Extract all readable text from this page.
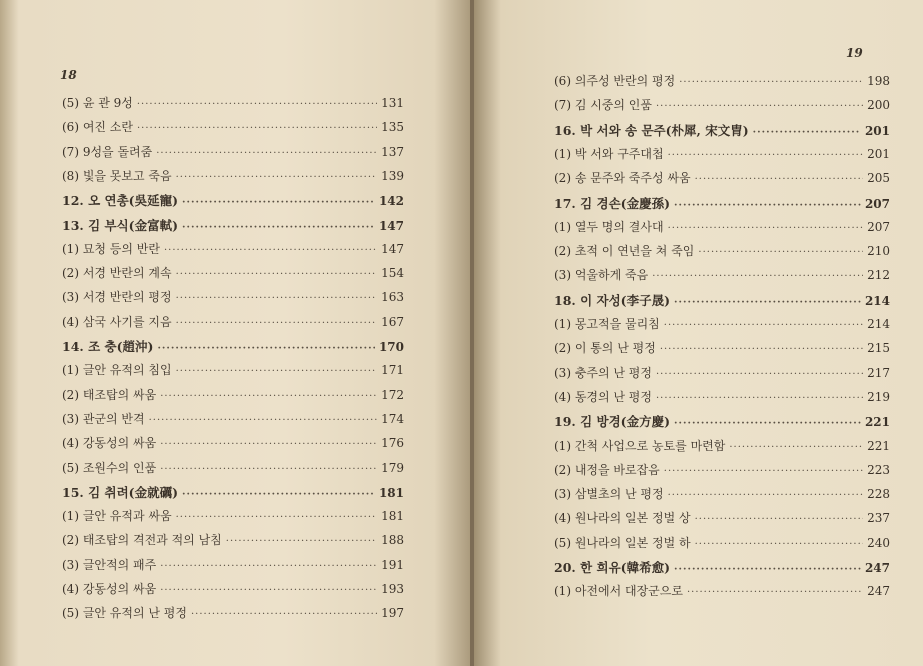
18
(5) 윤 관 9성 ·····	131
(6) 여진 소란 ·····	135
(7) 9성을 돌려줌 ·····	137
(8) 빛을 못보고 죽음 ·····	139
12. 오 연총(吳延寵) ·····	142
13. 김 부식(金富軾) ·····	147
(1) 묘청 등의 반란 ·····	147
(2) 서경 반란의 계속 ·····	154
(3) 서경 반란의 평정 ·····	163
(4) 삼국 사기를 지음 ·····	167
14. 조 충(趙沖) ·····	170
(1) 글안 유적의 침입 ·····	171
(2) 태조탑의 싸움 ·····	172
(3) 관군의 반격 ·····	174
(4) 강동성의 싸움 ·····	176
(5) 조원수의 인품 ·····	179
15. 김 취려(金就礪) ·····	181
(1) 글안 유적과 싸움 ·····	181
(2) 태조탑의 격전과 적의 남침 ·····	188
(3) 글안적의 패주 ·····	191
(4) 강동성의 싸움 ·····	193
(5) 글안 유적의 난 평정 ·····	197
19
(6) 의주성 반란의 평정 ·····	198
(7) 김 시중의 인품 ·····	200
16. 박 서와 송 문주(朴犀, 宋文胄) ·····	201
(1) 박 서와 구주대첩 ·····	201
(2) 송 문주와 죽주성 싸움 ·····	205
17. 김 경손(金慶孫) ·····	207
(1) 열두 명의 결사대 ·····	207
(2) 초적 이 연년을 쳐 죽임 ·····	210
(3) 억울하게 죽음 ·····	212
18. 이 자성(李子晟) ·····	214
(1) 몽고적을 물리침 ·····	214
(2) 이 통의 난 평정 ·····	215
(3) 충주의 난 평정 ·····	217
(4) 동경의 난 평정 ·····	219
19. 김 방경(金方慶) ·····	221
(1) 간척 사업으로 농토를 마련함 ·····	221
(2) 내정을 바로잡음 ·····	223
(3) 삼별초의 난 평정 ·····	228
(4) 원나라의 일본 정벌 상 ·····	237
(5) 원나라의 일본 정벌 하 ·····	240
20. 한 희유(韓希愈) ·····	247
(1) 아전에서 대장군으로 ·····	247
